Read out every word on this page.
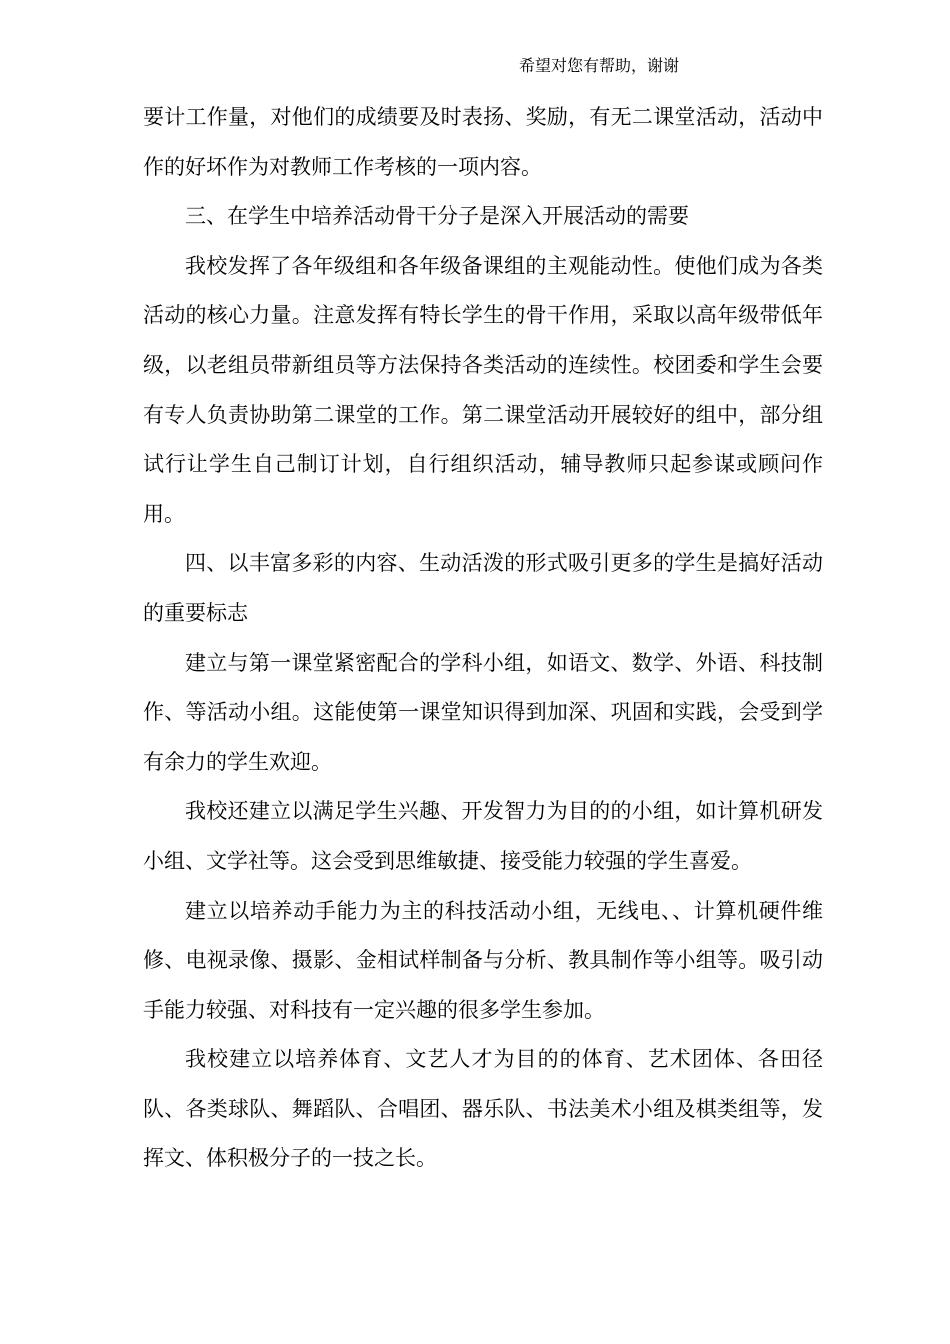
希望对您有帮助，谢谢

要计工作量，对他们的成绩要及时表扬、奖励，有无二课堂活动，活动中作的好坏作为对教师工作考核的一项内容。

三、在学生中培养活动骨干分子是深入开展活动的需要

我校发挥了各年级组和各年级备课组的主观能动性。使他们成为各类活动的核心力量。注意发挥有特长学生的骨干作用，采取以高年级带低年级，以老组员带新组员等方法保持各类活动的连续性。校团委和学生会要有专人负责协助第二课堂的工作。第二课堂活动开展较好的组中，部分组试行让学生自己制订计划，自行组织活动，辅导教师只起参谋或顾问作用。

四、以丰富多彩的内容、生动活泼的形式吸引更多的学生是搞好活动的重要标志

建立与第一课堂紧密配合的学科小组，如语文、数学、外语、科技制作、等活动小组。这能使第一课堂知识得到加深、巩固和实践，会受到学有余力的学生欢迎。

我校还建立以满足学生兴趣、开发智力为目的的小组，如计算机研发小组、文学社等。这会受到思维敏捷、接受能力较强的学生喜爱。

建立以培养动手能力为主的科技活动小组，无线电、、计算机硬件维修、电视录像、摄影、金相试样制备与分析、教具制作等小组等。吸引动手能力较强、对科技有一定兴趣的很多学生参加。

我校建立以培养体育、文艺人才为目的的体育、艺术团体、各田径队、各类球队、舞蹈队、合唱团、器乐队、书法美术小组及棋类组等，发挥文、体积极分子的一技之长。
